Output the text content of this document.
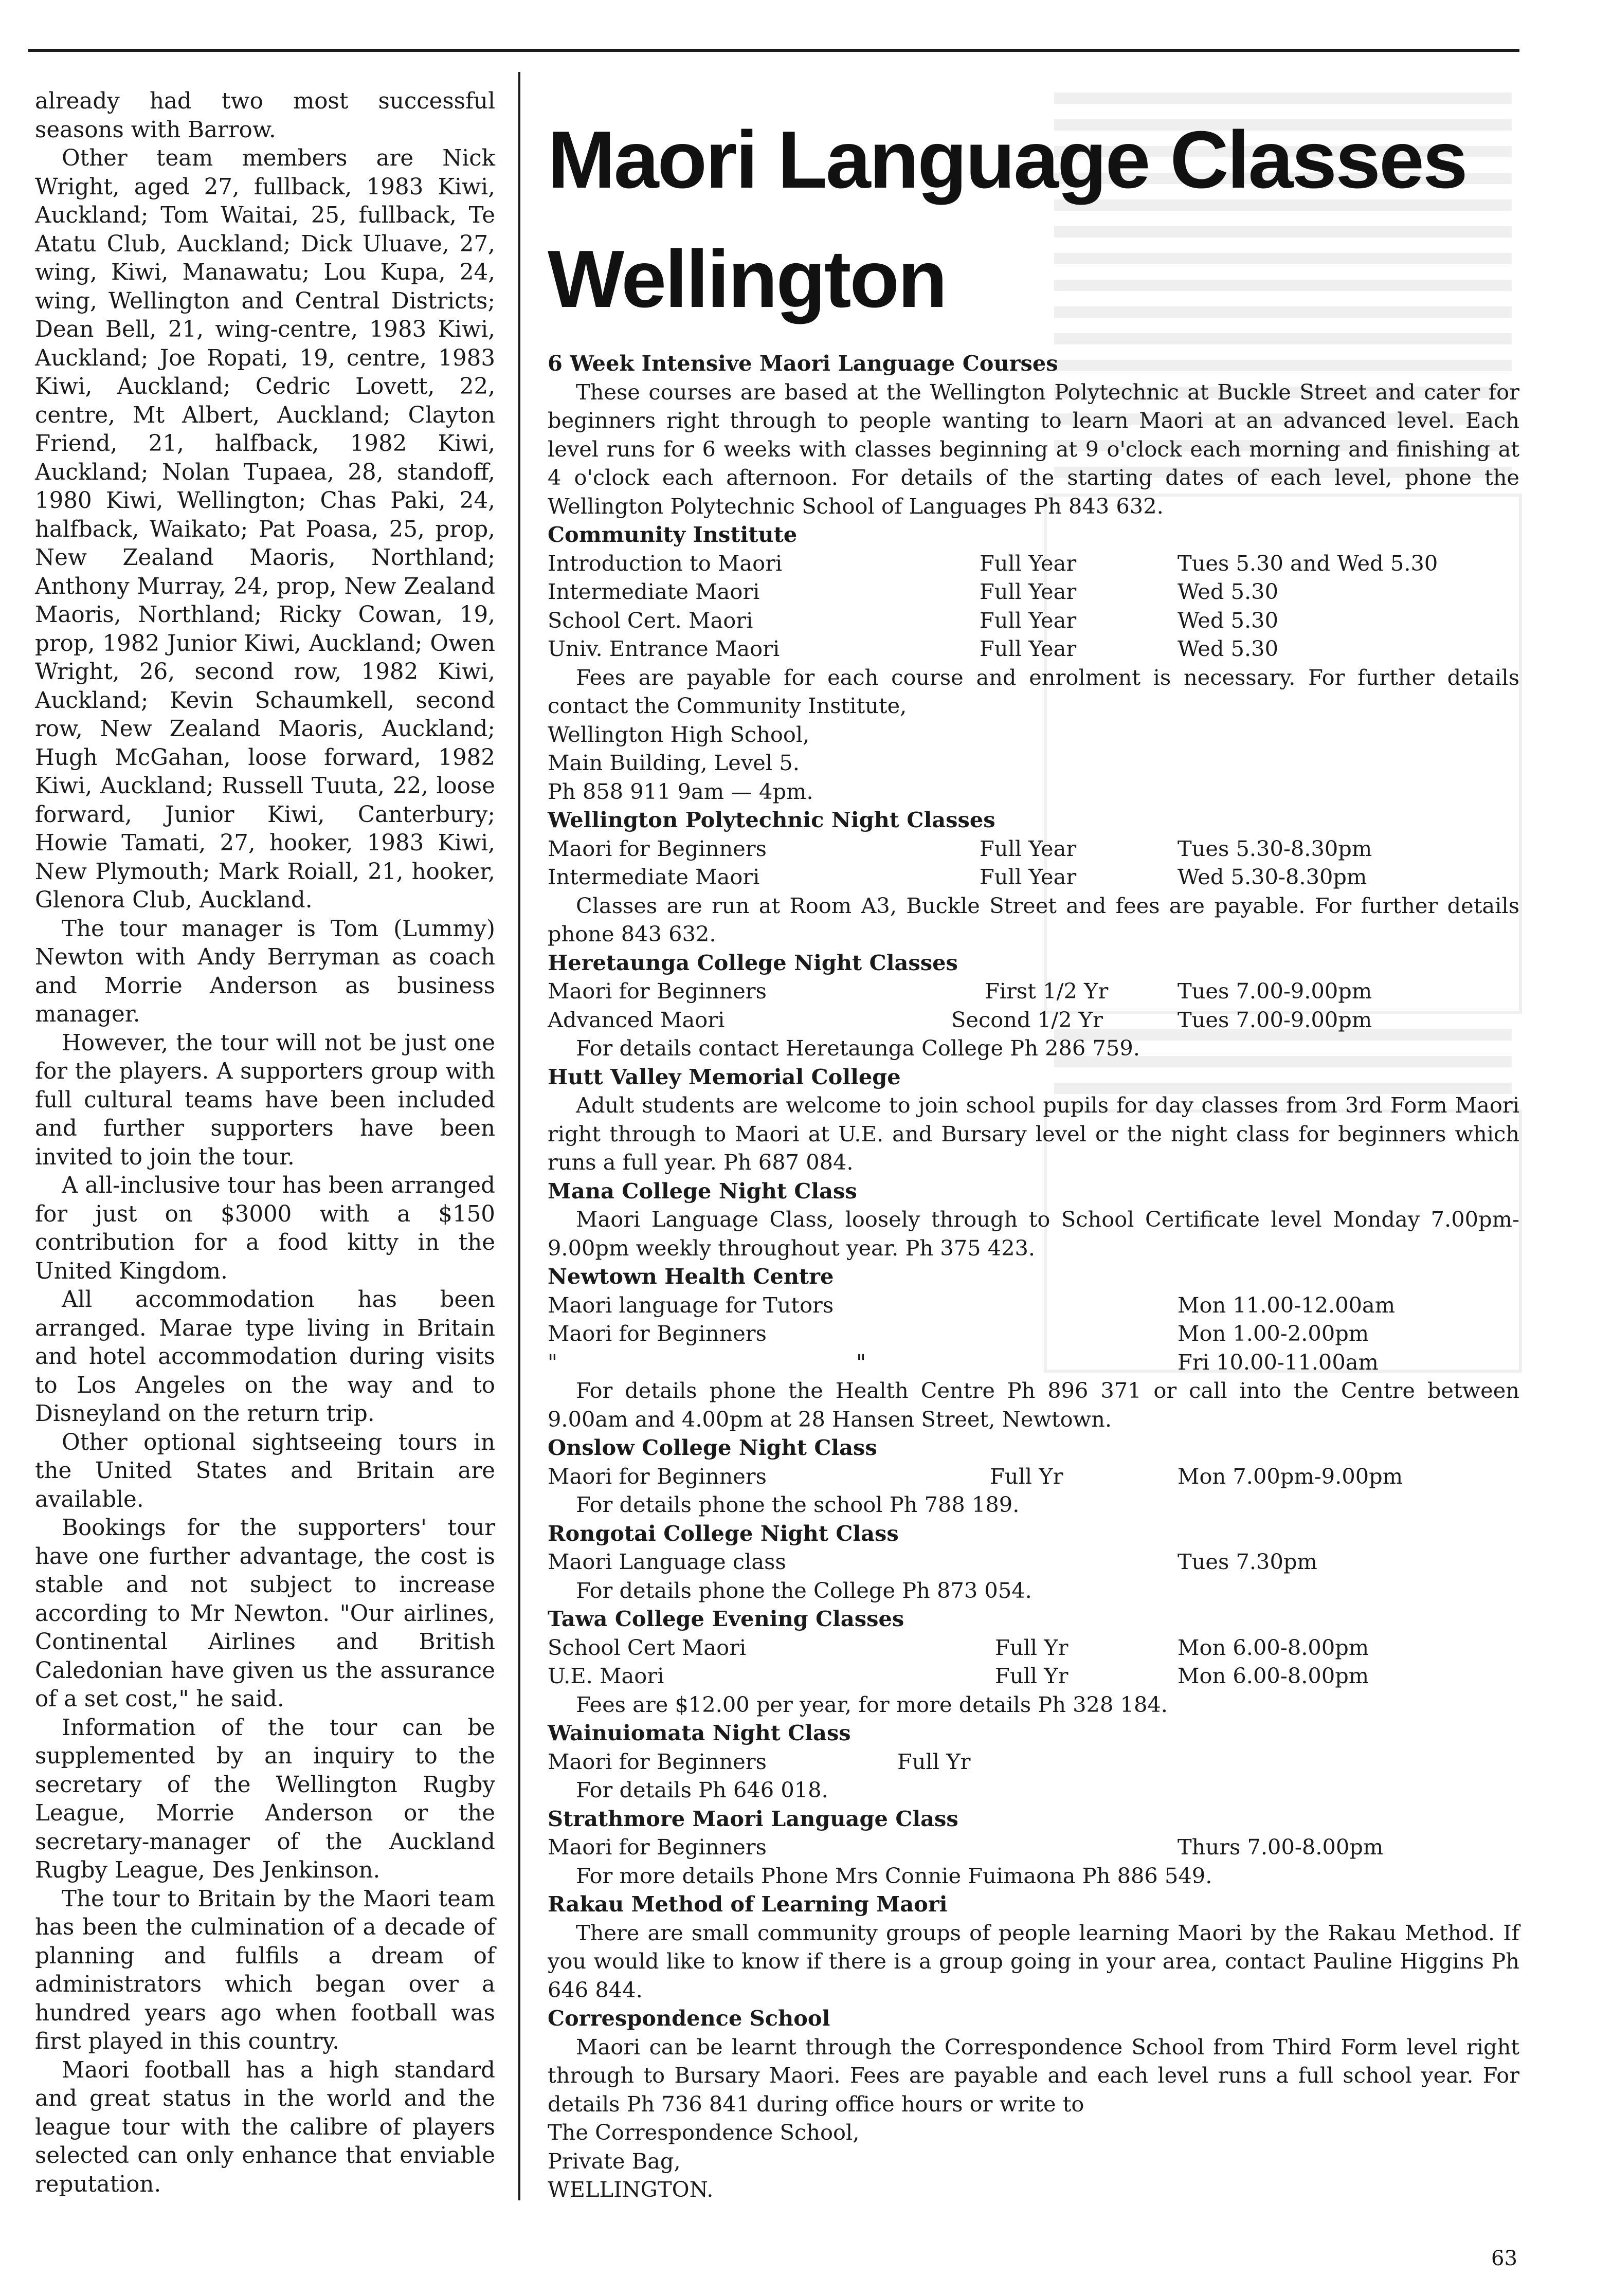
already had two most successful seasons with Barrow.

Other team members are Nick Wright, aged 27, fullback, 1983 Kiwi, Auckland; Tom Waitai, 25, fullback, Te Atatu Club, Auckland; Dick Uluave, 27, wing, Kiwi, Manawatu; Lou Kupa, 24, wing, Wellington and Central Districts; Dean Bell, 21, wing-centre, 1983 Kiwi, Auckland; Joe Ropati, 19, centre, 1983 Kiwi, Auckland; Cedric Lovett, 22, centre, Mt Albert, Auckland; Clayton Friend, 21, halfback, 1982 Kiwi, Auckland; Nolan Tupaea, 28, standoff, 1980 Kiwi, Wellington; Chas Paki, 24, halfback, Waikato; Pat Poasa, 25, prop, New Zealand Maoris, Northland; Anthony Murray, 24, prop, New Zealand Maoris, Northland; Ricky Cowan, 19, prop, 1982 Junior Kiwi, Auckland; Owen Wright, 26, second row, 1982 Kiwi, Auckland; Kevin Schaumkell, second row, New Zealand Maoris, Auckland; Hugh McGahan, loose forward, 1982 Kiwi, Auckland; Russell Tuuta, 22, loose forward, Junior Kiwi, Canterbury; Howie Tamati, 27, hooker, 1983 Kiwi, New Plymouth; Mark Roiall, 21, hooker, Glenora Club, Auckland.

The tour manager is Tom (Lummy) Newton with Andy Berryman as coach and Morrie Anderson as business manager.

However, the tour will not be just one for the players. A supporters group with full cultural teams have been included and further supporters have been invited to join the tour.

A all-inclusive tour has been arranged for just on $3000 with a $150 contribution for a food kitty in the United Kingdom.

All accommodation has been arranged. Marae type living in Britain and hotel accommodation during visits to Los Angeles on the way and to Disneyland on the return trip.

Other optional sightseeing tours in the United States and Britain are available.

Bookings for the supporters' tour have one further advantage, the cost is stable and not subject to increase according to Mr Newton. "Our airlines, Continental Airlines and British Caledonian have given us the assurance of a set cost," he said.

Information of the tour can be supplemented by an inquiry to the secretary of the Wellington Rugby League, Morrie Anderson or the secretary-manager of the Auckland Rugby League, Des Jenkinson.

The tour to Britain by the Maori team has been the culmination of a decade of planning and fulfils a dream of administrators which began over a hundred years ago when football was first played in this country.

Maori football has a high standard and great status in the world and the league tour with the calibre of players selected can only enhance that enviable reputation.

Maori Language Classes
Wellington
6 Week Intensive Maori Language Courses

These courses are based at the Wellington Polytechnic at Buckle Street and cater for beginners right through to people wanting to learn Maori at an advanced level. Each level runs for 6 weeks with classes beginning at 9 o'clock each morning and finishing at 4 o'clock each afternoon. For details of the starting dates of each level, phone the Wellington Polytechnic School of Languages Ph 843 632.

Community Institute
Introduction to Maori	Full Year	Tues 5.30 and Wed 5.30
Intermediate Maori	Full Year	Wed 5.30
School Cert. Maori	Full Year	Wed 5.30
Univ. Entrance Maori	Full Year	Wed 5.30

Fees are payable for each course and enrolment is necessary. For further details contact the Community Institute,

Wellington High School,
Main Building, Level 5.
Ph 858 911 9am — 4pm.
Wellington Polytechnic Night Classes
Maori for Beginners	Full Year	Tues 5.30-8.30pm
Intermediate Maori	Full Year	Wed 5.30-8.30pm

Classes are run at Room A3, Buckle Street and fees are payable. For further details phone 843 632.

Heretaunga College Night Classes
Maori for Beginners	First 1/2 Yr	Tues 7.00-9.00pm
Advanced Maori	Second 1/2 Yr	Tues 7.00-9.00pm

For details contact Heretaunga College Ph 286 759.

Hutt Valley Memorial College

Adult students are welcome to join school pupils for day classes from 3rd Form Maori right through to Maori at U.E. and Bursary level or the night class for beginners which runs a full year. Ph 687 084.

Mana College Night Class

Maori Language Class, loosely through to School Certificate level Monday 7.00pm-9.00pm weekly throughout year. Ph 375 423.

Newtown Health Centre
Maori language for Tutors	Mon 11.00-12.00am
Maori for Beginners	Mon 1.00-2.00pm
"	"	Fri 10.00-11.00am

For details phone the Health Centre Ph 896 371 or call into the Centre between 9.00am and 4.00pm at 28 Hansen Street, Newtown.

Onslow College Night Class
Maori for Beginners	Full Yr	Mon 7.00pm-9.00pm

For details phone the school Ph 788 189.

Rongotai College Night Class
Maori Language class	Tues 7.30pm

For details phone the College Ph 873 054.

Tawa College Evening Classes
School Cert Maori	Full Yr	Mon 6.00-8.00pm
U.E. Maori	Full Yr	Mon 6.00-8.00pm

Fees are $12.00 per year, for more details Ph 328 184.

Wainuiomata Night Class
Maori for Beginners	Full Yr

For details Ph 646 018.

Strathmore Maori Language Class
Maori for Beginners	Thurs 7.00-8.00pm

For more details Phone Mrs Connie Fuimaona Ph 886 549.

Rakau Method of Learning Maori

There are small community groups of people learning Maori by the Rakau Method. If you would like to know if there is a group going in your area, contact Pauline Higgins Ph 646 844.

Correspondence School

Maori can be learnt through the Correspondence School from Third Form level right through to Bursary Maori. Fees are payable and each level runs a full school year. For details Ph 736 841 during office hours or write to

The Correspondence School,
Private Bag,
WELLINGTON.
63
